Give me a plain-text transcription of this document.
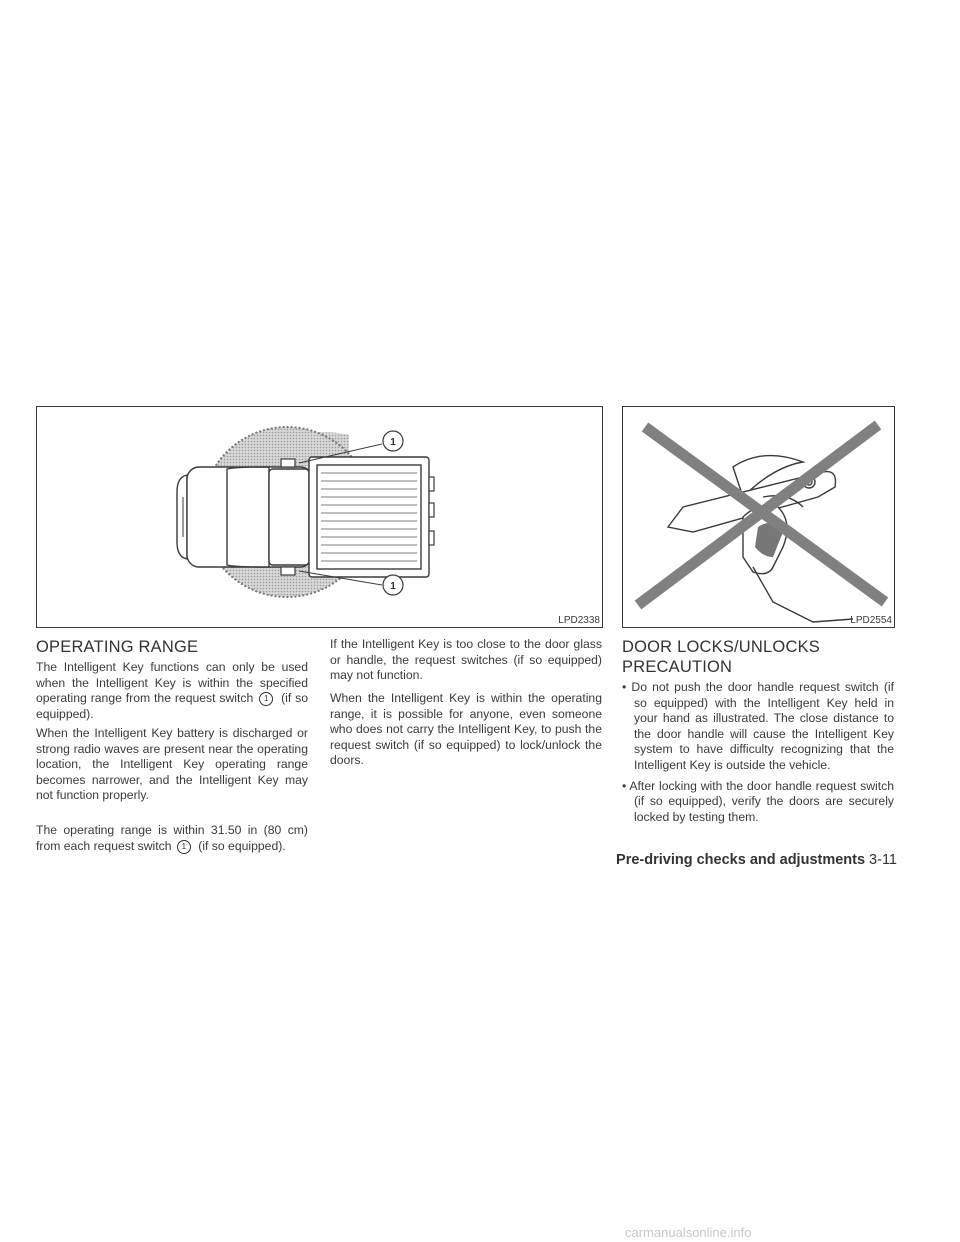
1
1
LPD2338	LPD2554
OPERATING RANGE

The Intelligent Key functions can only be used when the Intelligent Key is within the specified operating range from the request switch 1 (if so equipped).

When the Intelligent Key battery is discharged or strong radio waves are present near the operating location, the Intelligent Key operating range becomes narrower, and the Intelligent Key may not function properly.

The operating range is within 31.50 in (80 cm) from each request switch 1 (if so equipped).

If the Intelligent Key is too close to the door glass or handle, the request switches (if so equipped) may not function.

When the Intelligent Key is within the operating range, it is possible for anyone, even someone who does not carry the Intelligent Key, to push the request switch (if so equipped) to lock/unlock the doors.

DOOR LOCKS/UNLOCKS
PRECAUTION
• Do not push the door handle request switch (if so equipped) with the Intelligent Key held in your hand as illustrated. The close distance to the door handle will cause the Intelligent Key system to have difficulty recognizing that the Intelligent Key is outside the vehicle.
• After locking with the door handle request switch (if so equipped), verify the doors are securely locked by testing them.
Pre-driving checks and adjustments 3-11
carmanualsonline.info
